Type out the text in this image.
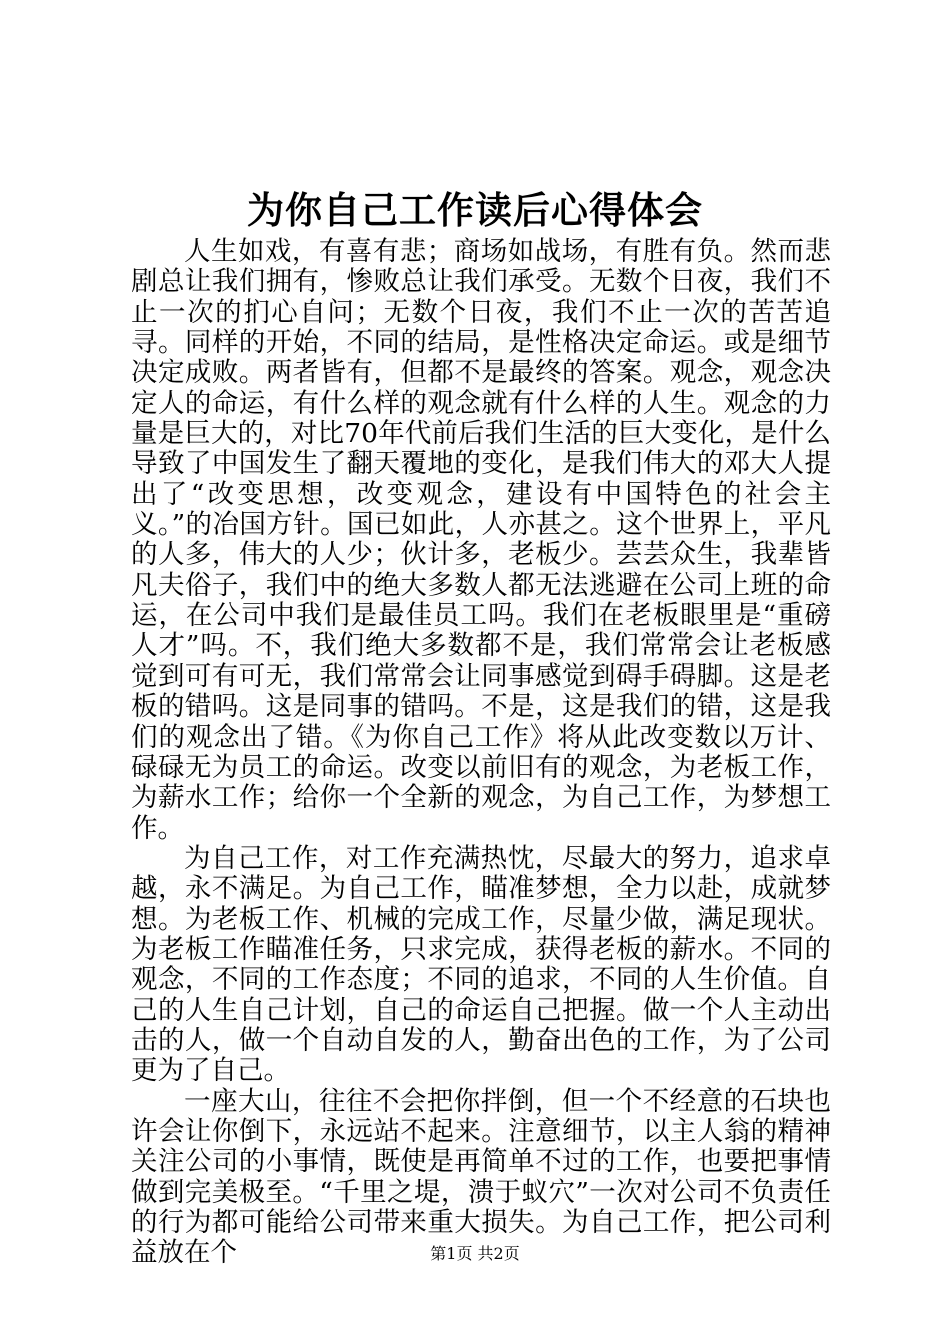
为你自己工作读后心得体会

人生如戏，有喜有悲；商场如战场，有胜有负。然而悲剧总让我们拥有，惨败总让我们承受。无数个日夜，我们不止一次的扪心自问；无数个日夜，我们不止一次的苦苦追寻。同样的开始，不同的结局，是性格决定命运。或是细节决定成败。两者皆有，但都不是最终的答案。观念，观念决定人的命运，有什么样的观念就有什么样的人生。观念的力量是巨大的，对比70年代前后我们生活的巨大变化，是什么导致了中国发生了翻天覆地的变化，是我们伟大的邓大人提出了“改变思想，改变观念，建设有中国特色的社会主义。”的冶国方针。国已如此，人亦甚之。这个世界上，平凡的人多，伟大的人少；伙计多，老板少。芸芸众生，我辈皆凡夫俗子，我们中的绝大多数人都无法逃避在公司上班的命运，在公司中我们是最佳员工吗。我们在老板眼里是“重磅人才”吗。不，我们绝大多数都不是，我们常常会让老板感觉到可有可无，我们常常会让同事感觉到碍手碍脚。这是老板的错吗。这是同事的错吗。不是，这是我们的错，这是我们的观念出了错。《为你自己工作》将从此改变数以万计、碌碌无为员工的命运。改变以前旧有的观念，为老板工作，为薪水工作；给你一个全新的观念，为自己工作，为梦想工作。

为自己工作，对工作充满热忱，尽最大的努力，追求卓越，永不满足。为自己工作，瞄准梦想，全力以赴，成就梦想。为老板工作、机械的完成工作，尽量少做，满足现状。为老板工作瞄准任务，只求完成，获得老板的薪水。不同的观念，不同的工作态度；不同的追求，不同的人生价值。自己的人生自己计划，自己的命运自己把握。做一个人主动出击的人，做一个自动自发的人，勤奋出色的工作，为了公司更为了自己。

一座大山，往往不会把你拌倒，但一个不经意的石块也许会让你倒下，永远站不起来。注意细节，以主人翁的精神关注公司的小事情，既使是再简单不过的工作，也要把事情做到完美极至。“千里之堤，溃于蚁穴”一次对公司不负责任的行为都可能给公司带来重大损失。为自己工作，把公司利益放在个	第1页 共2页
